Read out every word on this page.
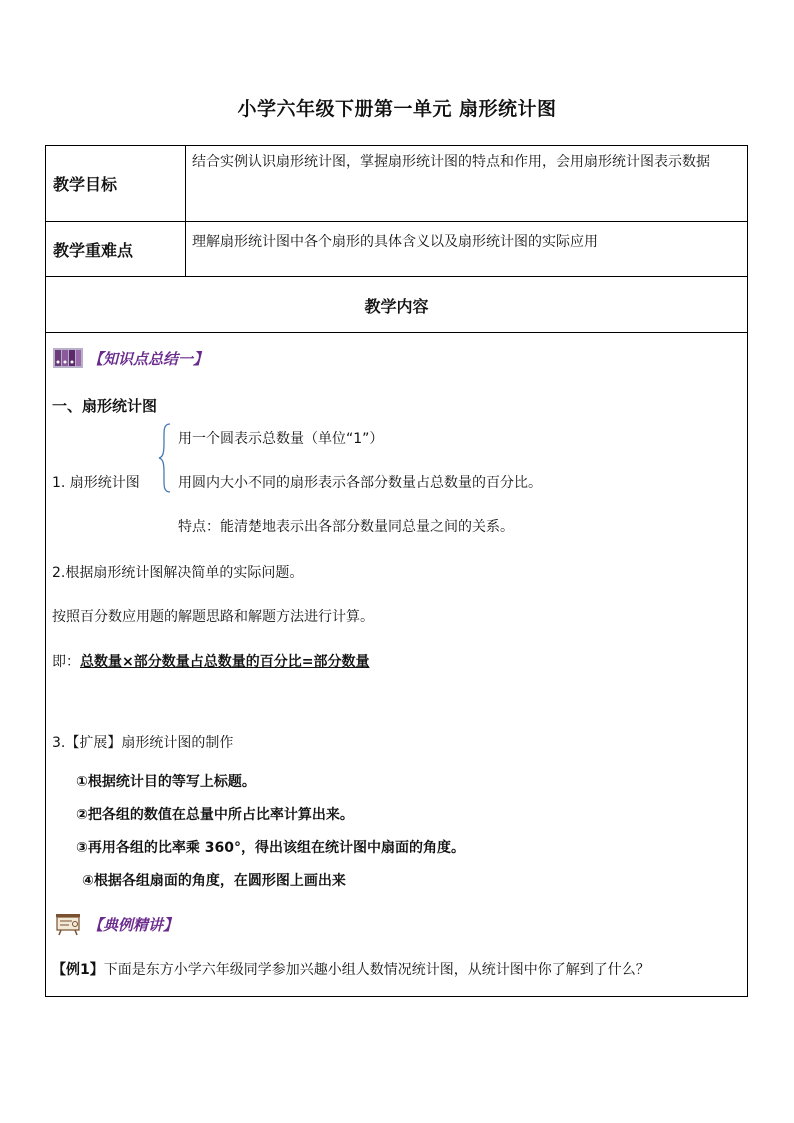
小学六年级下册第一单元 扇形统计图
教学目标
结合实例认识扇形统计图，掌握扇形统计图的特点和作用，会用扇形统计图表示数据
教学重难点	理解扇形统计图中各个扇形的具体含义以及扇形统计图的实际应用
教学内容
【知识点总结一】
一、扇形统计图
1. 扇形统计图
用一个圆表示总数量（单位“1”）
用圆内大小不同的扇形表示各部分数量占总数量的百分比。
特点：能清楚地表示出各部分数量同总量之间的关系。
2.根据扇形统计图解决简单的实际问题。
按照百分数应用题的解题思路和解题方法进行计算。
即：总数量×部分数量占总数量的百分比=部分数量
3.【扩展】扇形统计图的制作
①根据统计目的等写上标题。
②把各组的数值在总量中所占比率计算出来。
③再用各组的比率乘 360°，得出该组在统计图中扇面的角度。
④根据各组扇面的角度，在圆形图上画出来
【典例精讲】
【例1】下面是东方小学六年级同学参加兴趣小组人数情况统计图，从统计图中你了解到了什么？
